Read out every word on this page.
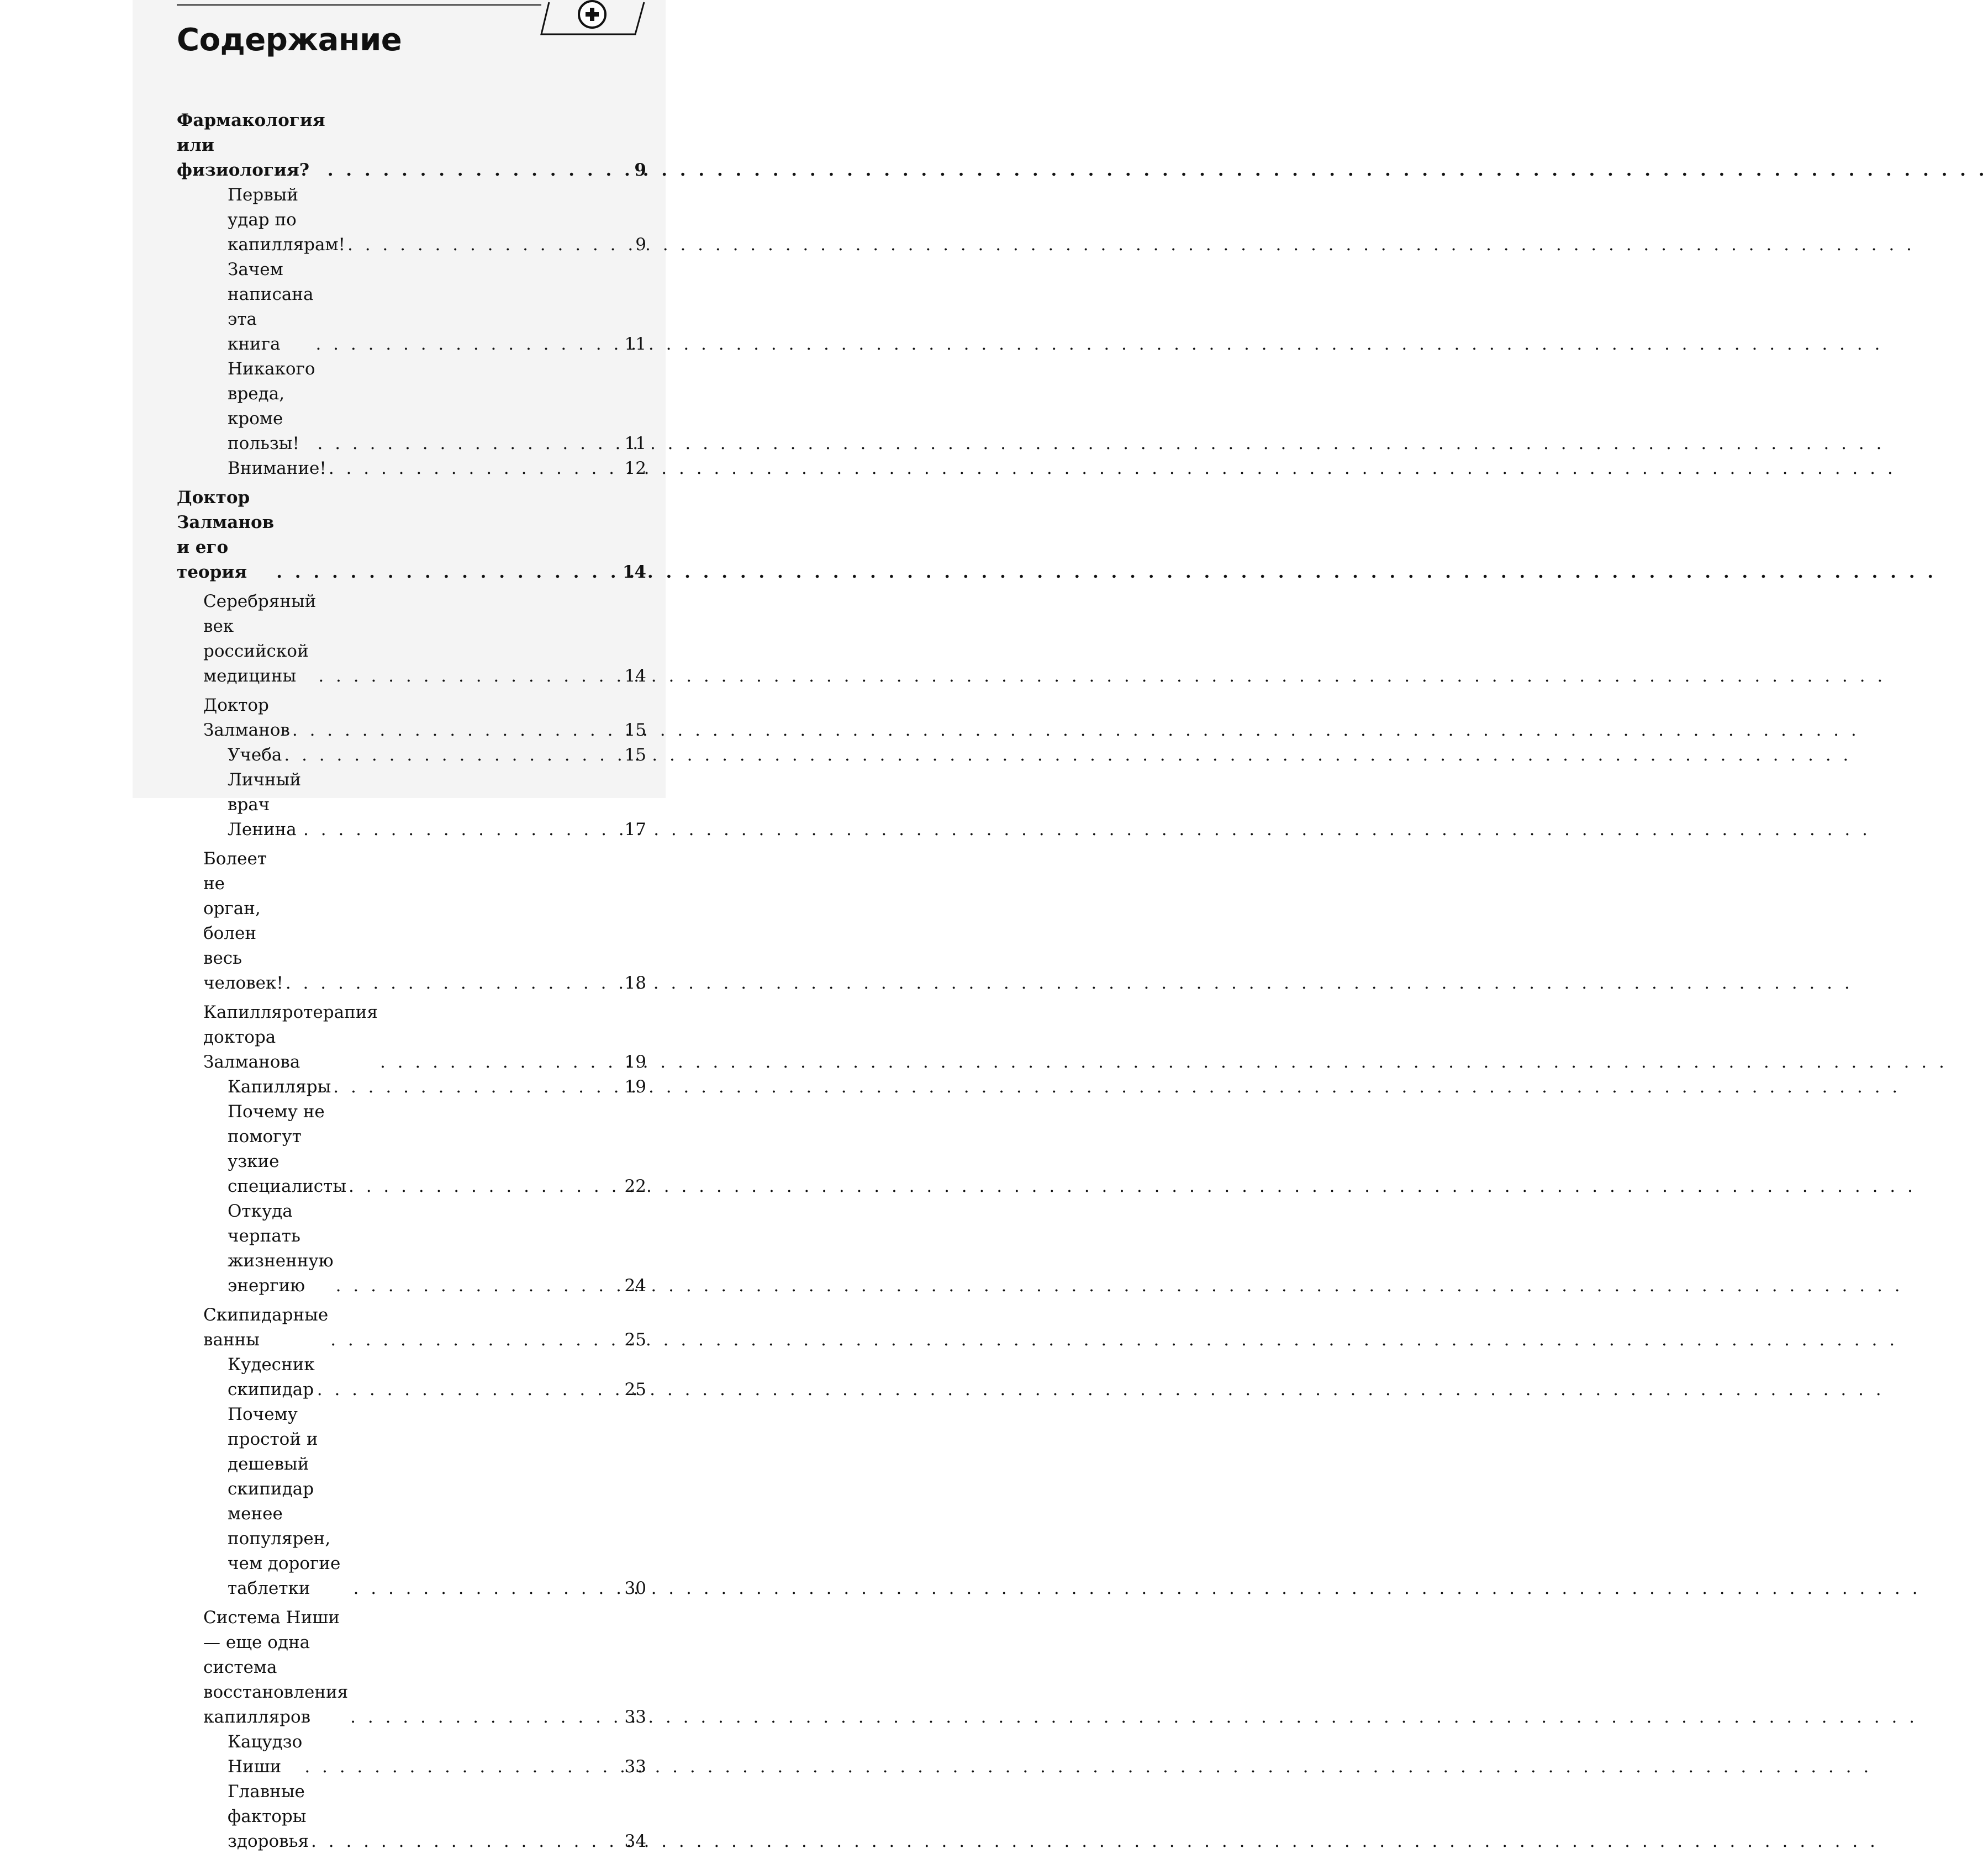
Содержание
Фармакология или физиология? . . .	9
Первый удар по капиллярам! . . .	9
Зачем написана эта книга . . .	11
Никакого вреда, кроме пользы! . . .	11
Внимание! . . .	12
Доктор Залманов и его теория . . .	14
Серебряный век российской медицины . . .	14
Доктор Залманов . . .	15
Учеба . . .	15
Личный врач Ленина . . .	17
Болеет не орган, болен весь человек! . . .	18
Капилляротерапия доктора Залманова . . .	19
Капилляры . . .	19
Почему не помогут узкие специалисты . . .	22
Откуда черпать жизненную энергию . . .	24
Скипидарные ванны . . .	25
Кудесник скипидар . . .	25
Почему простой и дешевый скипидар менее популярен, чем дорогие таблетки . . .	30
Система Ниши — еще одна система восстановления капилляров . . .	33
Кацудзо Ниши . . .	33
Главные факторы здоровья . . .	34
